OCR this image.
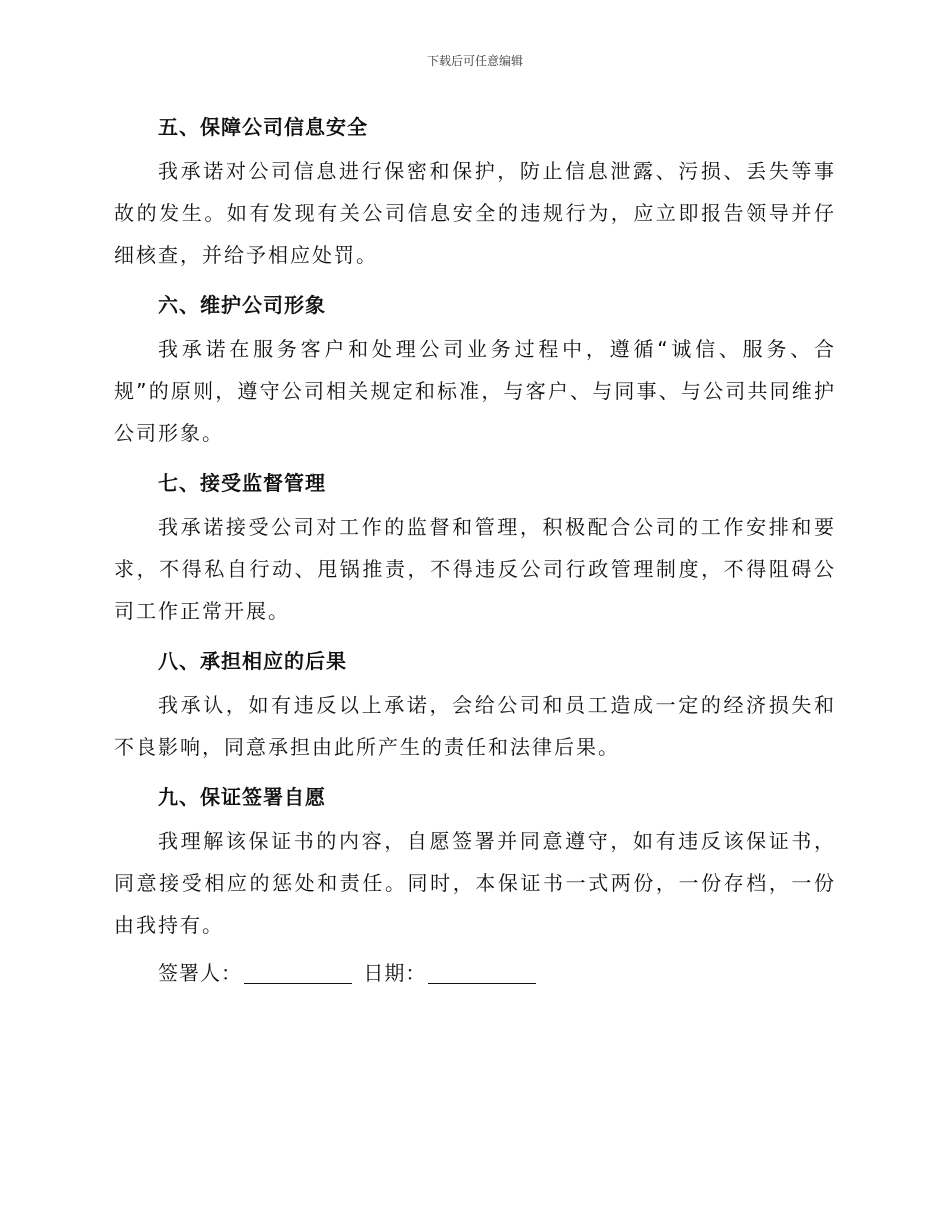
下载后可任意编辑
五、保障公司信息安全

我承诺对公司信息进行保密和保护，防止信息泄露、污损、丢失等事故的发生。如有发现有关公司信息安全的违规行为，应立即报告领导并仔细核查，并给予相应处罚。

六、维护公司形象

我承诺在服务客户和处理公司业务过程中，遵循“诚信、服务、合规”的原则，遵守公司相关规定和标准，与客户、与同事、与公司共同维护公司形象。

七、接受监督管理

我承诺接受公司对工作的监督和管理，积极配合公司的工作安排和要求，不得私自行动、甩锅推责，不得违反公司行政管理制度，不得阻碍公司工作正常开展。

八、承担相应的后果

我承认，如有违反以上承诺，会给公司和员工造成一定的经济损失和不良影响，同意承担由此所产生的责任和法律后果。

九、保证签署自愿

我理解该保证书的内容，自愿签署并同意遵守，如有违反该保证书，同意接受相应的惩处和责任。同时，本保证书一式两份，一份存档，一份由我持有。

签署人：	日期：
